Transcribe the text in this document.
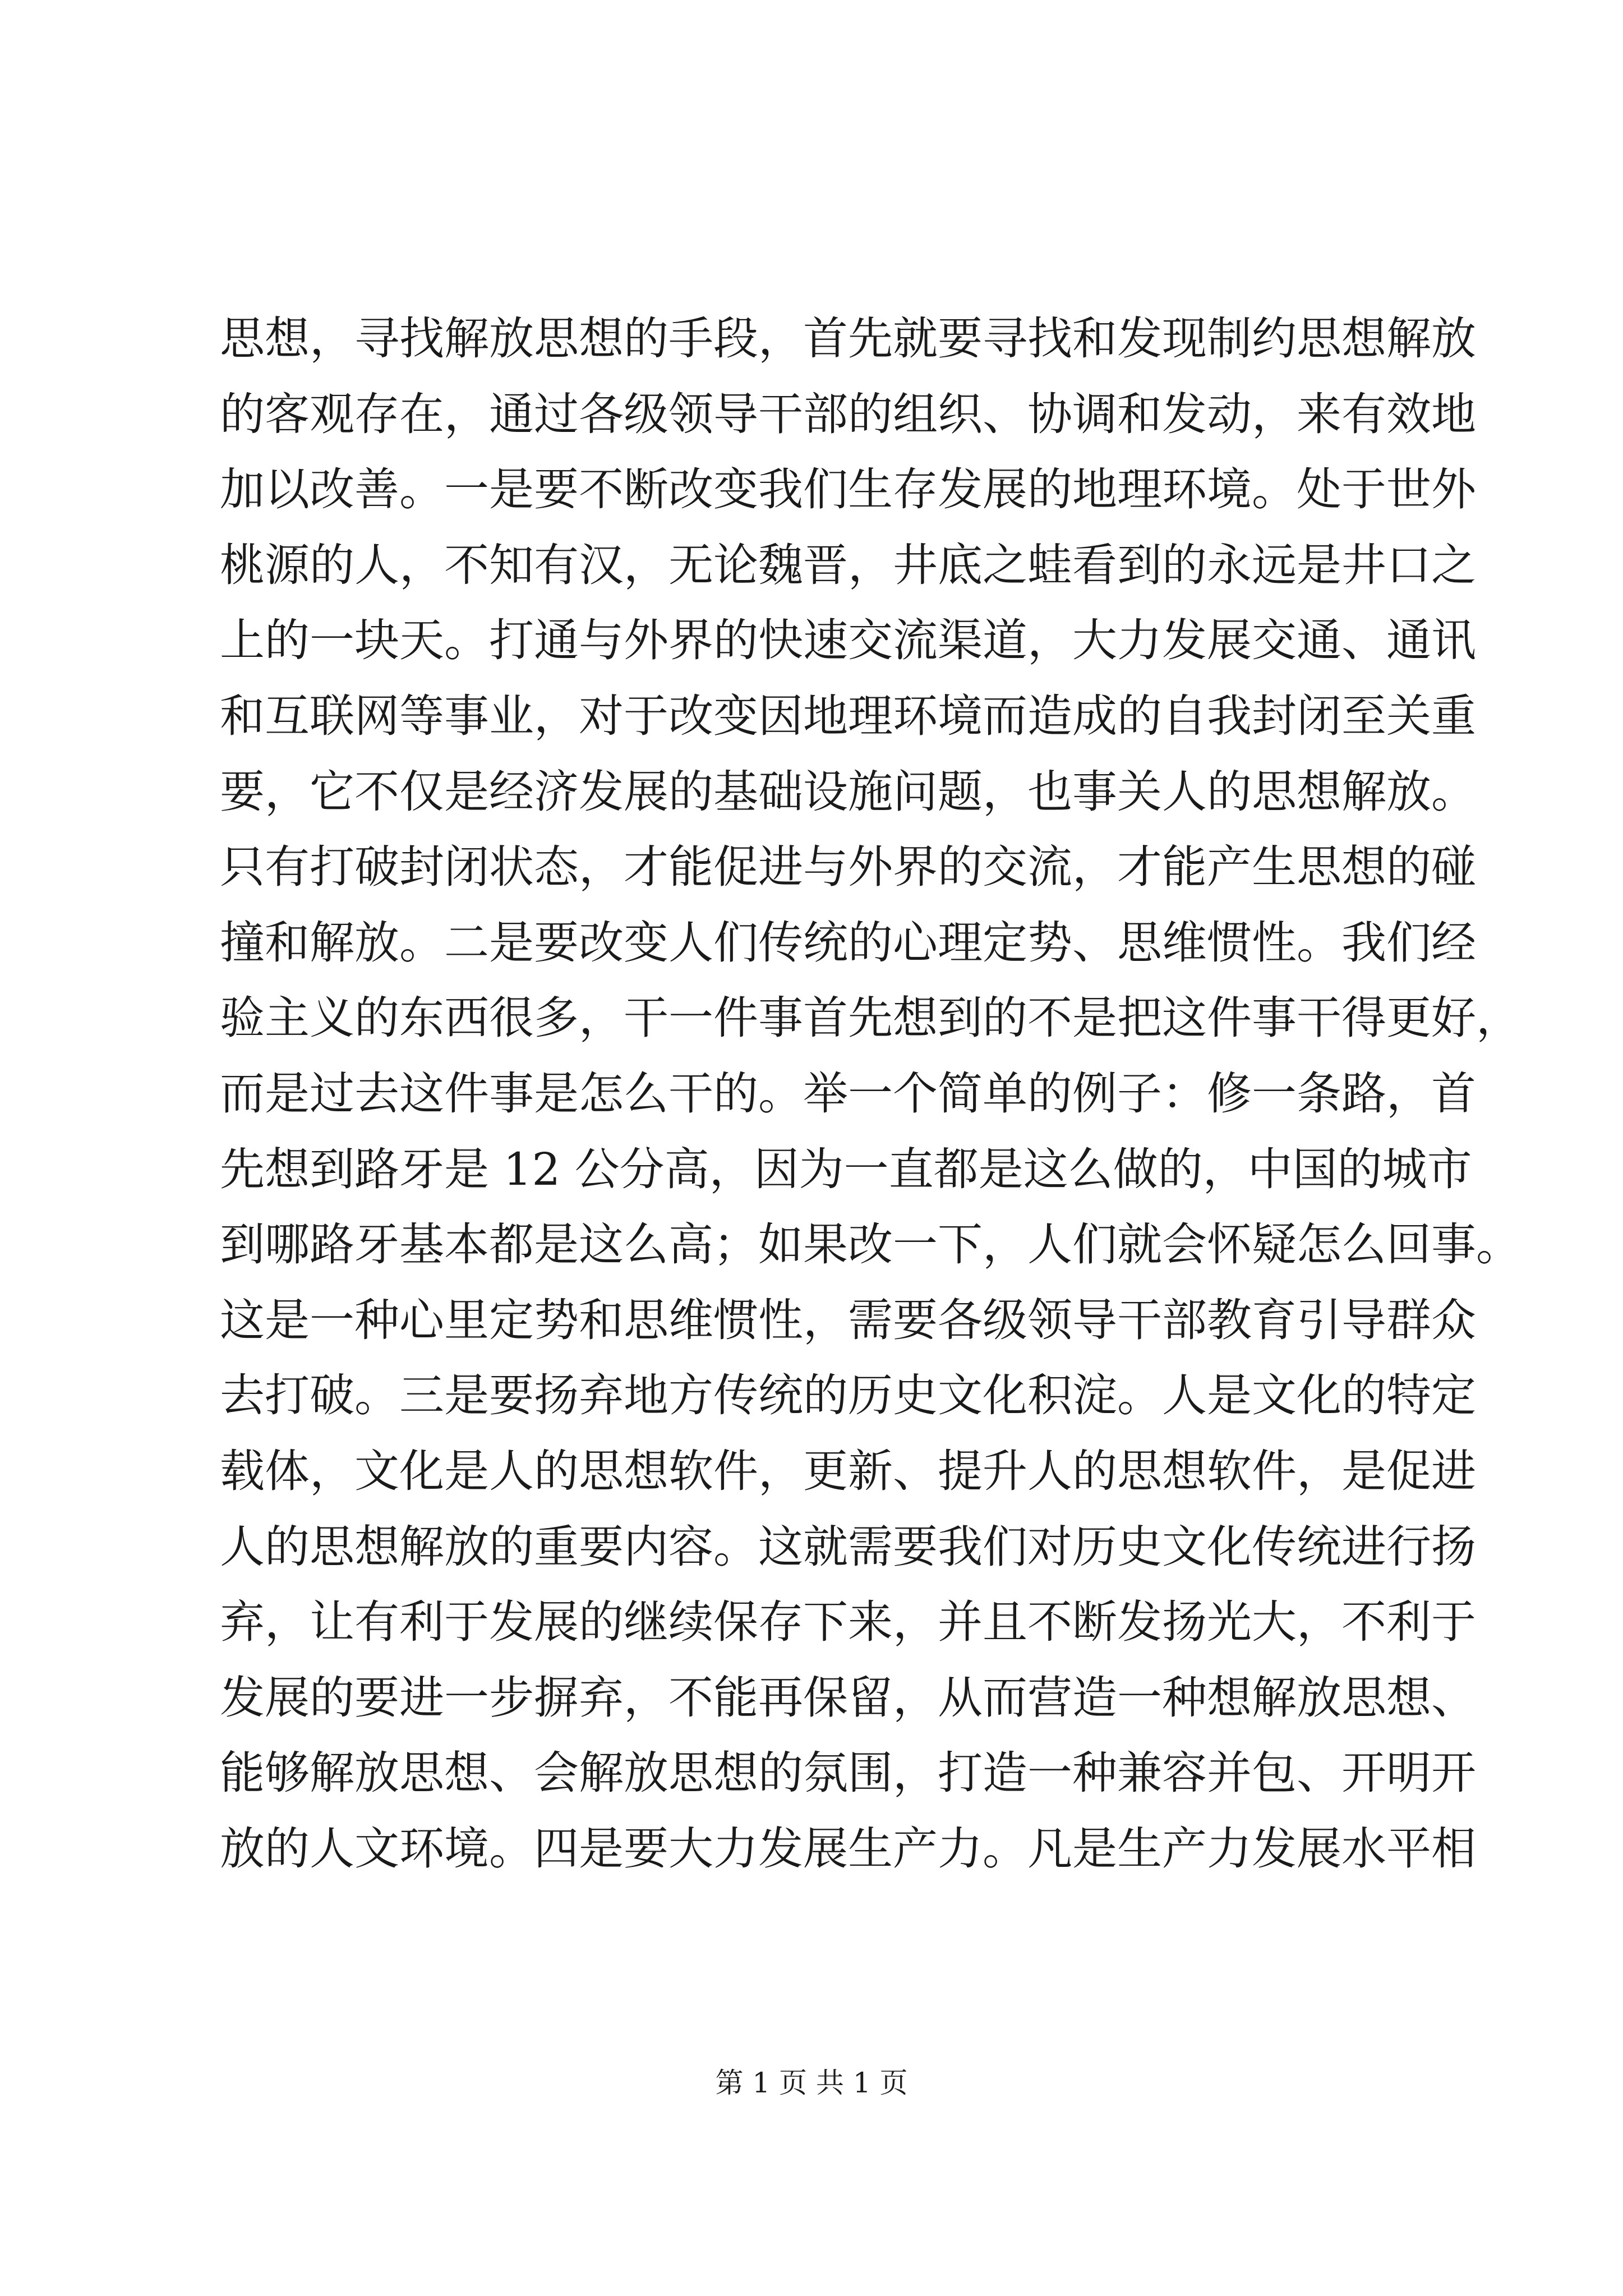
思想，寻找解放思想的手段，首先就要寻找和发现制约思想解放
的客观存在，通过各级领导干部的组织、协调和发动，来有效地
加以改善。一是要不断改变我们生存发展的地理环境。处于世外
桃源的人，不知有汉，无论魏晋，井底之蛙看到的永远是井口之
上的一块天。打通与外界的快速交流渠道，大力发展交通、通讯
和互联网等事业，对于改变因地理环境而造成的自我封闭至关重
要，它不仅是经济发展的基础设施问题，也事关人的思想解放。
只有打破封闭状态，才能促进与外界的交流，才能产生思想的碰
撞和解放。二是要改变人们传统的心理定势、思维惯性。我们经
验主义的东西很多，干一件事首先想到的不是把这件事干得更好，
而是过去这件事是怎么干的。举一个简单的例子：修一条路，首
先想到路牙是 12 公分高，因为一直都是这么做的，中国的城市
到哪路牙基本都是这么高；如果改一下，人们就会怀疑怎么回事。
这是一种心里定势和思维惯性，需要各级领导干部教育引导群众
去打破。三是要扬弃地方传统的历史文化积淀。人是文化的特定
载体，文化是人的思想软件，更新、提升人的思想软件，是促进
人的思想解放的重要内容。这就需要我们对历史文化传统进行扬
弃，让有利于发展的继续保存下来，并且不断发扬光大，不利于
发展的要进一步摒弃，不能再保留，从而营造一种想解放思想、
能够解放思想、会解放思想的氛围，打造一种兼容并包、开明开
放的人文环境。四是要大力发展生产力。凡是生产力发展水平相
第 1 页 共 1 页
